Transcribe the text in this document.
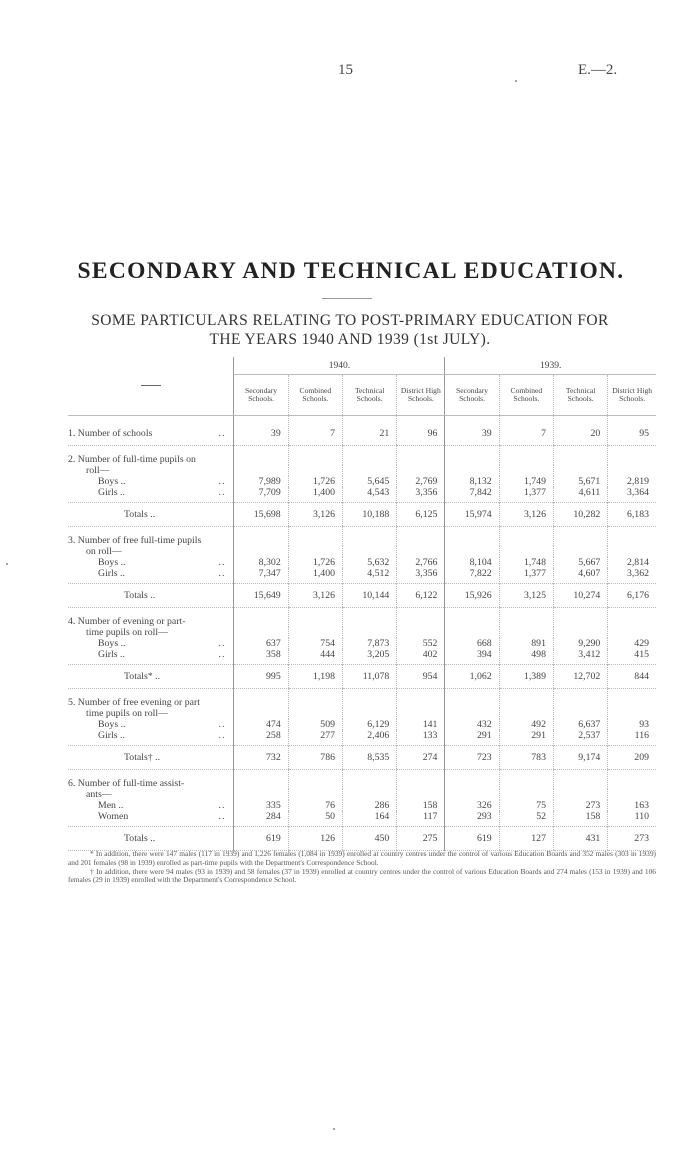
15	E.—2.
SECONDARY AND TECHNICAL EDUCATION.
SOME PARTICULARS RELATING TO POST-PRIMARY EDUCATION FOR
THE YEARS 1940 AND 1939 (1st JULY).
	1940.				1939.			
	Secondary Schools.	Combined Schools.	Technical Schools.	District High Schools.	Secondary Schools.	Combined Schools.	Technical Schools.	District High Schools.
1. Number of schools ..	39	7	21	96	39	7	20	95
2. Number of full-time pupils on								
roll—								
Boys .. ..	7,989	1,726	5,645	2,769	8,132	1,749	5,671	2,819
Girls .. ..	7,709	1,400	4,543	3,356	7,842	1,377	4,611	3,364
Totals ..	15,698	3,126	10,188	6,125	15,974	3,126	10,282	6,183
3. Number of free full-time pupils								
on roll—								
Boys .. ..	8,302	1,726	5,632	2,766	8,104	1,748	5,667	2,814
Girls .. ..	7,347	1,400	4,512	3,356	7,822	1,377	4,607	3,362
Totals ..	15,649	3,126	10,144	6,122	15,926	3,125	10,274	6,176
4. Number of evening or part-								
time pupils on roll—								
Boys .. ..	637	754	7,873	552	668	891	9,290	429
Girls .. ..	358	444	3,205	402	394	498	3,412	415
Totals* ..	995	1,198	11,078	954	1,062	1,389	12,702	844
5. Number of free evening or part								
time pupils on roll—								
Boys .. ..	474	509	6,129	141	432	492	6,637	93
Girls .. ..	258	277	2,406	133	291	291	2,537	116
Totals† ..	732	786	8,535	274	723	783	9,174	209
6. Number of full-time assist-								
ants—								
Men .. ..	335	76	286	158	326	75	273	163
Women ..	284	50	164	117	293	52	158	110
Totals ..	619	126	450	275	619	127	431	273

* In addition, there were 147 males (117 in 1939) and 1,226 females (1,084 in 1939) enrolled at country centres under the control of various Education Boards and 352 males (303 in 1939) and 201 females (98 in 1939) enrolled as part-time pupils with the Department's Correspondence School.

† In addition, there were 94 males (93 in 1939) and 58 females (37 in 1939) enrolled at country centres under the control of various Education Boards and 274 males (153 in 1939) and 106 females (29 in 1939) enrolled with the Department's Correspondence School.
